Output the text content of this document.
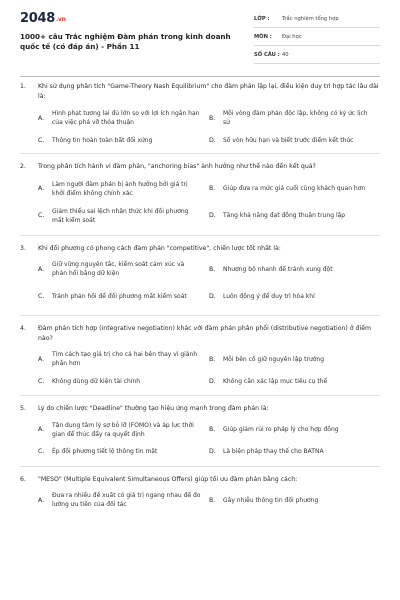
2048.vn
1000+ câu Trắc nghiệm Đàm phán trong kinh doanh quốc tế (có đáp án) - Phần 11
LỚP :	Trắc nghiệm tổng hợp
MÔN :	Đại học
SỐ CÂU : 40
1.	Khi sử dụng phân tích "Game-Theory Nash Equilibrium" cho đàm phán lặp lại, điều kiện duy trì hợp tác lâu dài là:
A.
Hình phạt tương lai đủ lớn so với lợi ích ngắn hạn của việc phá vỡ thỏa thuận
B.
Mỗi vòng đàm phán độc lập, không có ký ức lịch sử
C.	Thông tin hoàn toàn bất đối xứng	D.	Số vòn hữu hạn và biết trước điểm kết thúc
2.	Trong phân tích hành vi đàm phán, "anchoring bias" ảnh hưởng như thế nào đến kết quả?
A.
Làm người đàm phán bị ảnh hưởng bởi giá trị khởi điểm không chính xác
B.	Giúp đưa ra mức giá cuối cùng khách quan hơn
C.
Giảm thiểu sai lệch nhận thức khi đối phương mất kiểm soát
D.	Tăng khả năng đạt đồng thuận trung lập
3.	Khi đối phương có phong cách đàm phán "competitive", chiến lược tốt nhất là:
A.
Giữ vững nguyên tắc, kiểm soát cảm xúc và phản hồi bằng dữ kiện
B.	Nhượng bộ nhanh để tránh xung đột
C.	Tránh phản hồi để đối phương mất kiểm soát	D.	Luôn đồng ý để duy trì hòa khí
4.	Đàm phán tích hợp (integrative negotiation) khác với đàm phán phân phối (distributive negotiation) ở điểm nào?
A.
Tìm cách tạo giá trị cho cả hai bên thay vì giành phần hơn
B.	Mỗi bên cố giữ nguyên lập trường
C.	Không dùng dữ kiện tài chính	D.	Không cần xác lập mục tiêu cụ thể
5.	Lý do chiến lược "Deadline" thường tạo hiệu ứng mạnh trong đàm phán là:
A.
Tận dụng tâm lý sợ bỏ lỡ (FOMO) và áp lực thời gian để thúc đẩy ra quyết định
B.	Giúp giảm rủi ro pháp lý cho hợp đồng
C.	Ép đối phương tiết lộ thông tin mật	D.	Là biện pháp thay thế cho BATNA
6.	"MESO" (Multiple Equivalent Simultaneous Offers) giúp tối ưu đàm phán bằng cách:
A.
Đưa ra nhiều đề xuất có giá trị ngang nhau để đo lường ưu tiên của đối tác
B.	Gây nhiễu thông tin đối phương
